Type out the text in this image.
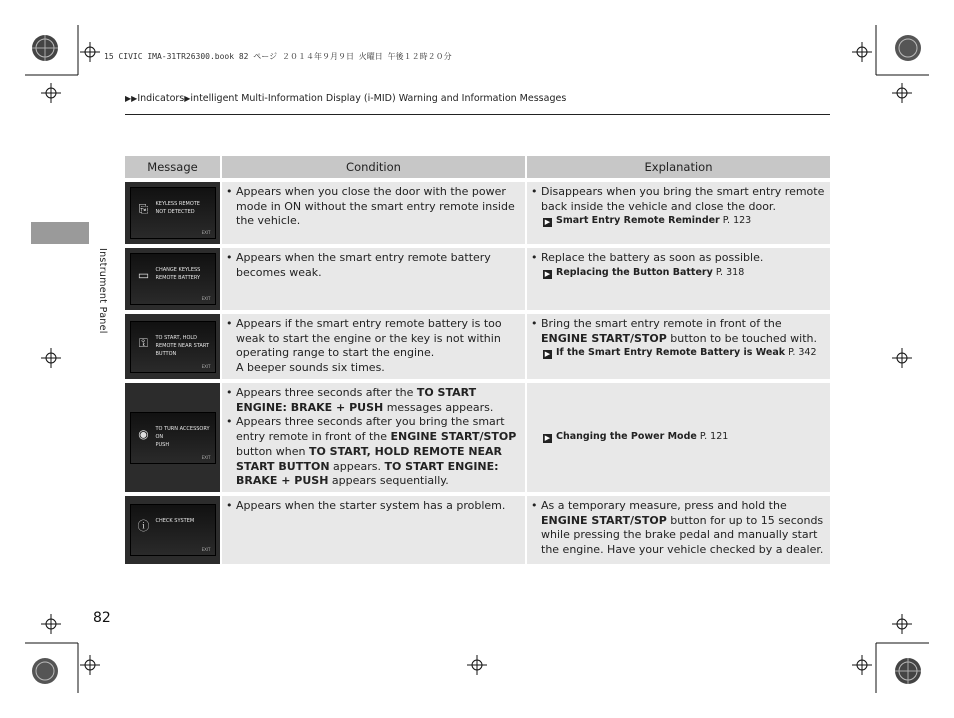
15 CIVIC IMA-31TR26300.book 82 ページ ２０１４年９月９日 火曜日 午後１２時２０分
▶▶Indicators▶intelligent Multi-Information Display (i-MID) Warning and Information Messages
Instrument Panel
Message	Condition	Explanation
⎘	KEYLESS REMOTE
NOT DETECTED
EXIT
• Appears when you close the door with the power mode in ON without the smart entry remote inside the vehicle.
• Disappears when you bring the smart entry remote back inside the vehicle and close the door.
▶ Smart Entry Remote Reminder P. 123
▭	CHANGE KEYLESS
REMOTE BATTERY
EXIT
• Appears when the smart entry remote battery becomes weak.
• Replace the battery as soon as possible.
▶ Replacing the Button Battery P. 318
⚿	TO START, HOLD
REMOTE NEAR START
BUTTON
EXIT
• Appears if the smart entry remote battery is too weak to start the engine or the key is not within operating range to start the engine.
A beeper sounds six times.
• Bring the smart entry remote in front of the ENGINE START/STOP button to be touched with.
▶ If the Smart Entry Remote Battery is Weak P. 342
◉	TO TURN ACCESSORY
ON
PUSH
EXIT
• Appears three seconds after the TO START ENGINE: BRAKE + PUSH messages appears.
• Appears three seconds after you bring the smart entry remote in front of the ENGINE START/STOP button when TO START, HOLD REMOTE NEAR START BUTTON appears. TO START ENGINE: BRAKE + PUSH appears sequentially.
▶ Changing the Power Mode P. 121
ⓘ	CHECK SYSTEM
EXIT
• Appears when the starter system has a problem.
•	As a temporary measure, press and hold the ENGINE START/STOP button for up to 15 seconds while pressing the brake pedal and manually start the engine. Have your vehicle checked by a dealer.
82
